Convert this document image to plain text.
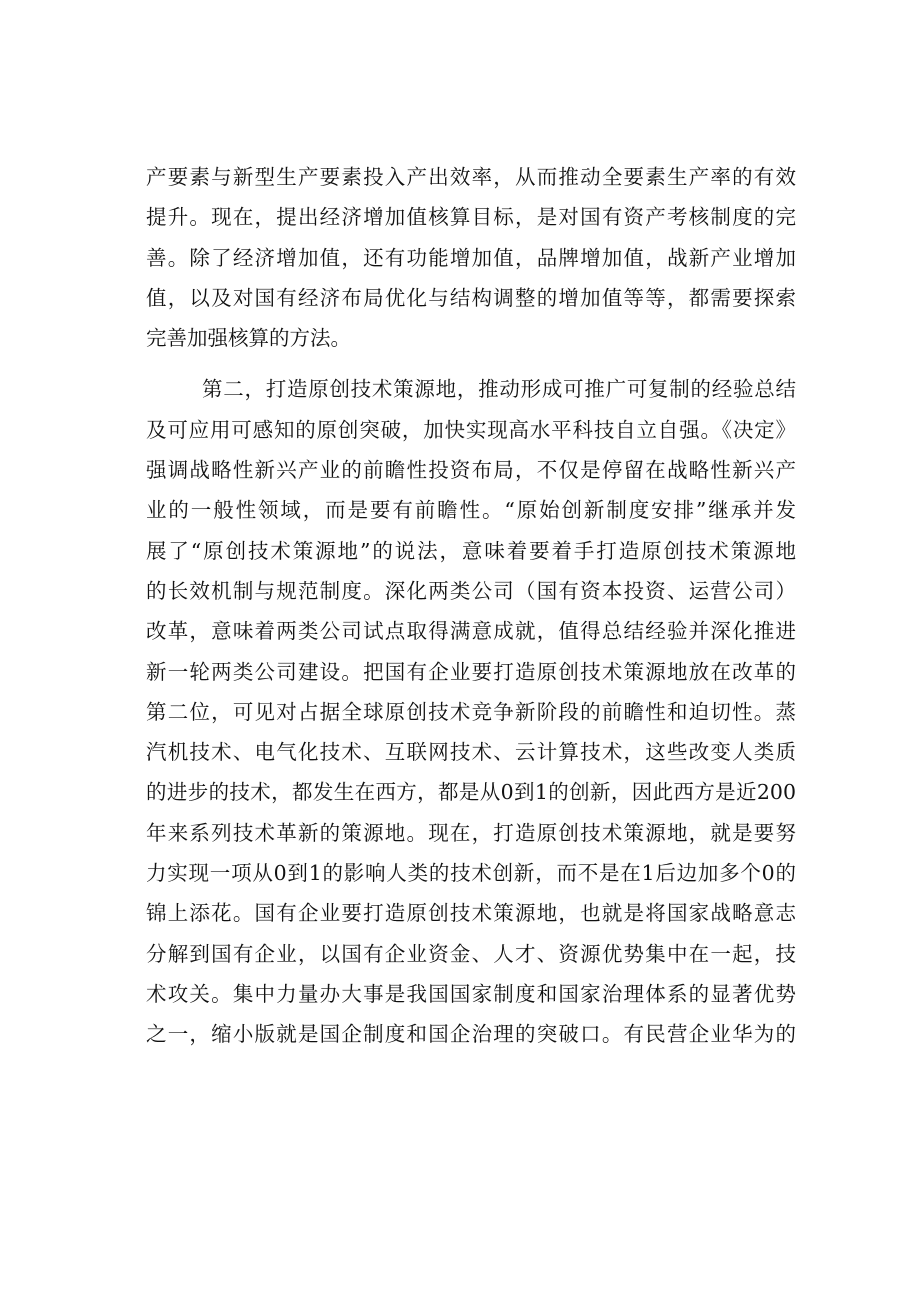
产要素与新型生产要素投入产出效率，从而推动全要素生产率的有效
提升。现在，提出经济增加值核算目标，是对国有资产考核制度的完
善。除了经济增加值，还有功能增加值，品牌增加值，战新产业增加
值，以及对国有经济布局优化与结构调整的增加值等等，都需要探索
完善加强核算的方法。
第二，打造原创技术策源地，推动形成可推广可复制的经验总结
及可应用可感知的原创突破，加快实现高水平科技自立自强。《决定》
强调战略性新兴产业的前瞻性投资布局，不仅是停留在战略性新兴产
业的一般性领域，而是要有前瞻性。“原始创新制度安排”继承并发
展了“原创技术策源地”的说法，意味着要着手打造原创技术策源地
的长效机制与规范制度。深化两类公司（国有资本投资、运营公司）
改革，意味着两类公司试点取得满意成就，值得总结经验并深化推进
新一轮两类公司建设。把国有企业要打造原创技术策源地放在改革的
第二位，可见对占据全球原创技术竞争新阶段的前瞻性和迫切性。蒸
汽机技术、电气化技术、互联网技术、云计算技术，这些改变人类质
的进步的技术，都发生在西方，都是从0到1的创新，因此西方是近200
年来系列技术革新的策源地。现在，打造原创技术策源地，就是要努
力实现一项从0到1的影响人类的技术创新，而不是在1后边加多个0的
锦上添花。国有企业要打造原创技术策源地，也就是将国家战略意志
分解到国有企业，以国有企业资金、人才、资源优势集中在一起，技
术攻关。集中力量办大事是我国国家制度和国家治理体系的显著优势
之一，缩小版就是国企制度和国企治理的突破口。有民营企业华为的
